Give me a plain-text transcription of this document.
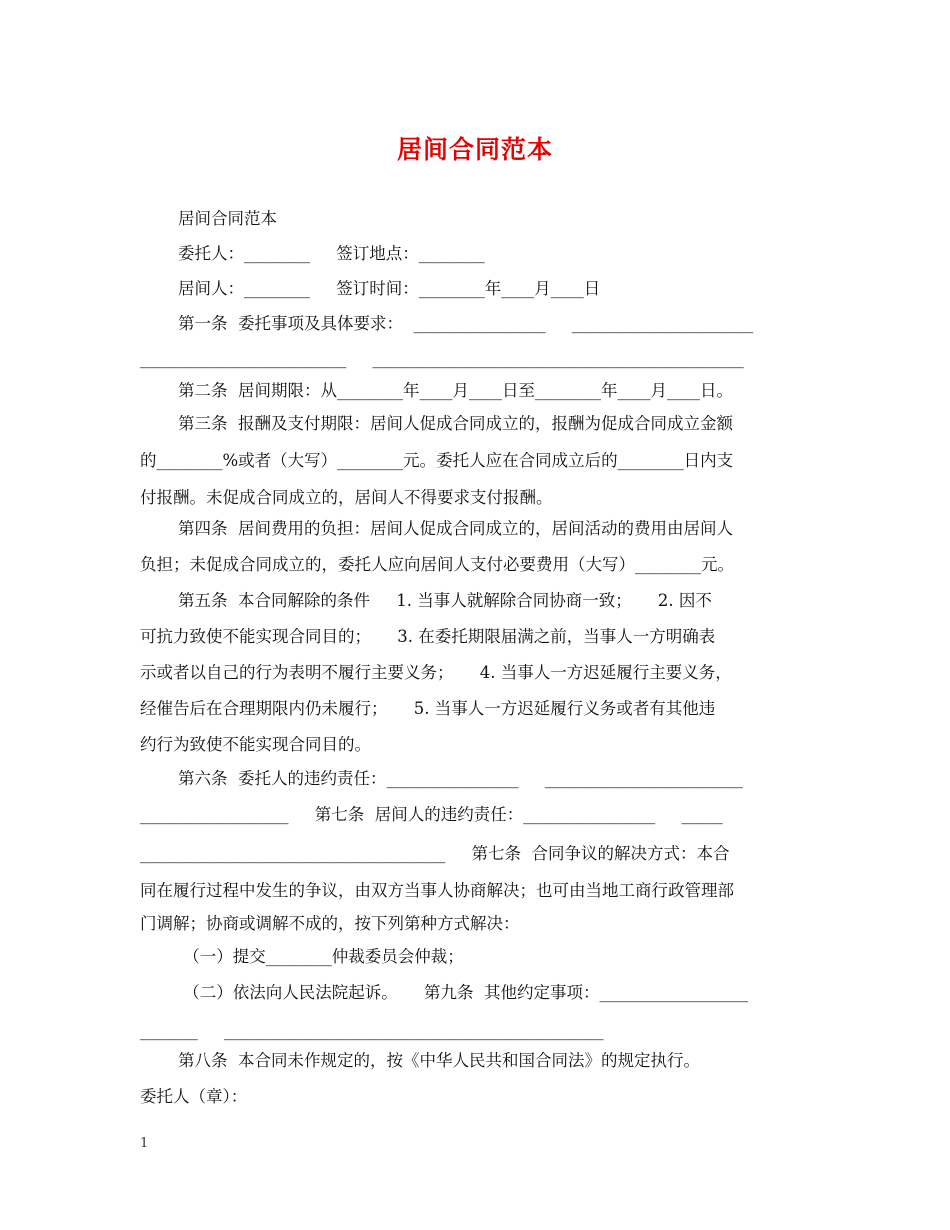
居间合同范本
居间合同范本
委托人：________     签订地点：________
居间人：________     签订时间：________年____月____日
第一条  委托事项及具体要求：  ________________     ______________________
_________________________     _____________________________________________
第二条  居间期限：从________年____月____日至________年____月____日。
第三条  报酬及支付期限：居间人促成合同成立的，报酬为促成合同成立金额
的________%或者（大写）________元。委托人应在合同成立后的________日内支
付报酬。未促成合同成立的，居间人不得要求支付报酬。
第四条  居间费用的负担：居间人促成合同成立的，居间活动的费用由居间人
负担；未促成合同成立的，委托人应向居间人支付必要费用（大写）________元。
第五条  本合同解除的条件     1. 当事人就解除合同协商一致；     2. 因不
可抗力致使不能实现合同目的；     3. 在委托期限届满之前，当事人一方明确表
示或者以自己的行为表明不履行主要义务；     4. 当事人一方迟延履行主要义务，
经催告后在合理期限内仍未履行；     5. 当事人一方迟延履行义务或者有其他违
约行为致使不能实现合同目的。
第六条  委托人的违约责任：________________     ________________________
__________________     第七条  居间人的违约责任：________________     _____
_____________________________________     第七条  合同争议的解决方式：本合
同在履行过程中发生的争议，由双方当事人协商解决；也可由当地工商行政管理部
门调解；协商或调解不成的，按下列第种方式解决：
（一）提交________仲裁委员会仲裁；
（二）依法向人民法院起诉。     第九条  其他约定事项：__________________
_______     ______________________________________________
第八条  本合同未作规定的，按《中华人民共和国合同法》的规定执行。
委托人（章）：
1
